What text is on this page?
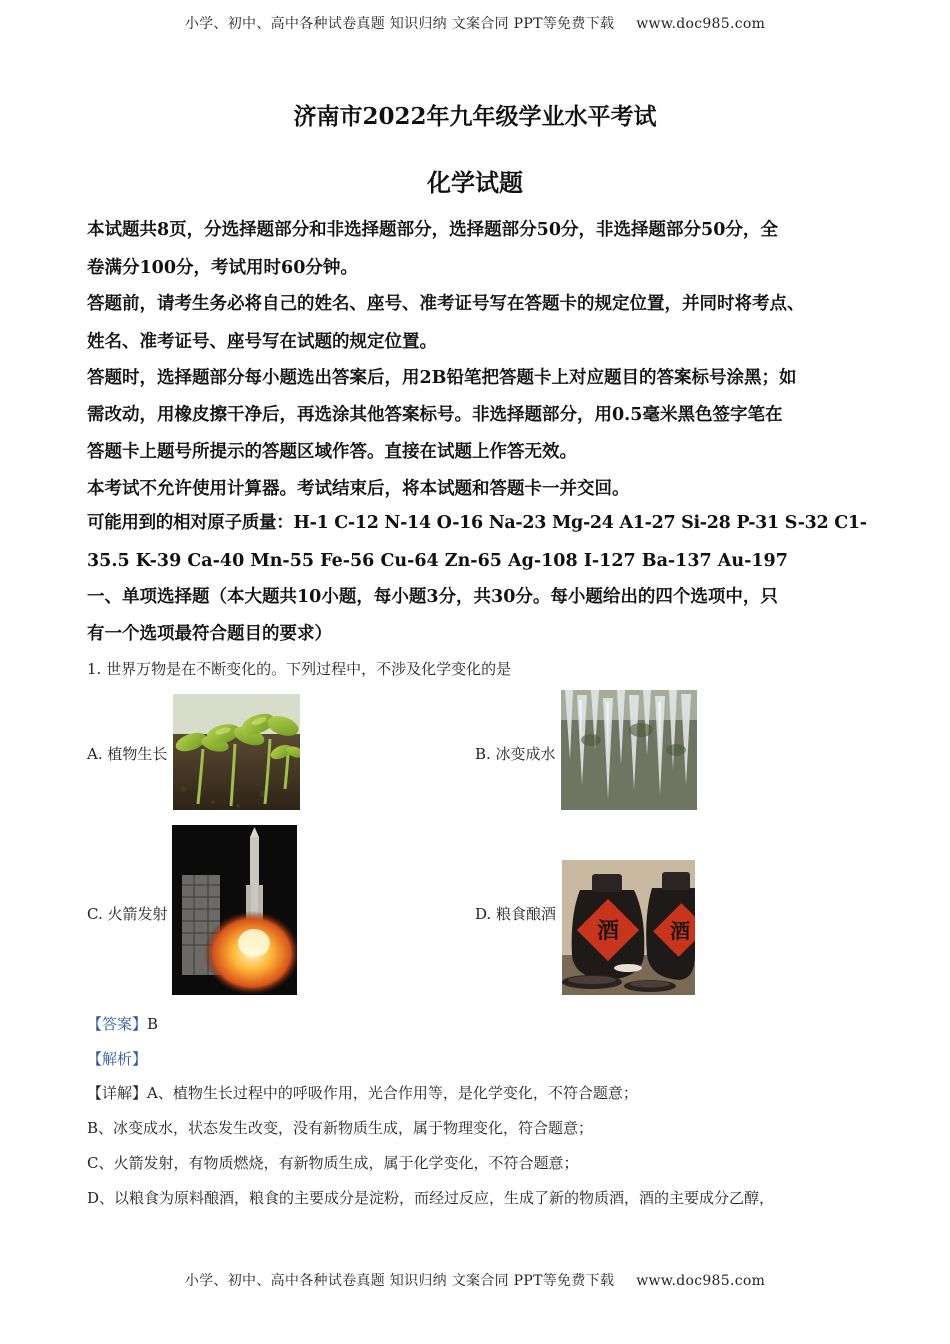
小学、初中、高中各种试卷真题 知识归纳 文案合同 PPT等免费下载 www.doc985.com
济南市2022年九年级学业水平考试
化学试题
本试题共8页，分选择题部分和非选择题部分，选择题部分50分，非选择题部分50分，全
卷满分100分，考试用时60分钟。
答题前，请考生务必将自己的姓名、座号、准考证号写在答题卡的规定位置，并同时将考点、
姓名、准考证号、座号写在试题的规定位置。
答题时，选择题部分每小题选出答案后，用2B铅笔把答题卡上对应题目的答案标号涂黑；如
需改动，用橡皮擦干净后，再选涂其他答案标号。非选择题部分，用0.5毫米黑色签字笔在
答题卡上题号所提示的答题区域作答。直接在试题上作答无效。
本考试不允许使用计算器。考试结束后，将本试题和答题卡一并交回。
可能用到的相对原子质量：H-1 C-12 N-14 O-16 Na-23 Mg-24 A1-27 Si-28 P-31 S-32 C1-
35.5 K-39 Ca-40 Mn-55 Fe-56 Cu-64 Zn-65 Ag-108 I-127 Ba-137 Au-197
一、单项选择题（本大题共10小题，每小题3分，共30分。每小题给出的四个选项中，只
有一个选项最符合题目的要求）
1. 世界万物是在不断变化的。下列过程中，不涉及化学变化的是
A. 植物生长	B. 冰变成水
C. 火箭发射	D. 粮食酿酒
酒	酒
【答案】B
【解析】
【详解】A、植物生长过程中的呼吸作用，光合作用等，是化学变化，不符合题意；
B、冰变成水，状态发生改变，没有新物质生成，属于物理变化，符合题意；
C、火箭发射，有物质燃烧，有新物质生成，属于化学变化，不符合题意；
D、以粮食为原料酿酒，粮食的主要成分是淀粉，而经过反应，生成了新的物质酒，酒的主要成分乙醇，
小学、初中、高中各种试卷真题 知识归纳 文案合同 PPT等免费下载 www.doc985.com
